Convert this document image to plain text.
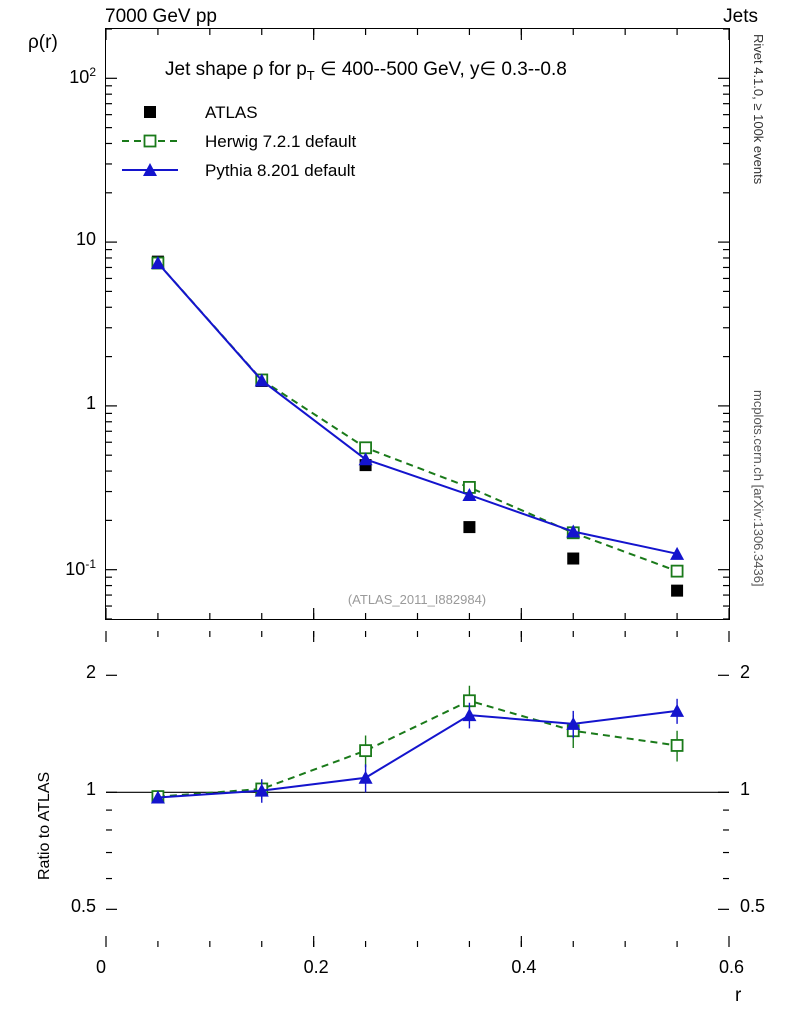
7000 GeV pp	Jets
Rivet 4.1.0, ≥ 100k events
mcplots.cern.ch [arXiv:1306.3436]
ρ(r)
ATLAS
Herwig 7.2.1 default
Pythia 8.201 default
(ATLAS_2011_I882984)
Jet shape ρ for $p_T$ ∈ 400--500 GeV, y∈ 0.3--0.8
$10^{-1}$
1
10
$10^2$
Ratio to ATLAS
0.5	0.5
1	1
2	2
0	0.2	0.4	0.6
r
